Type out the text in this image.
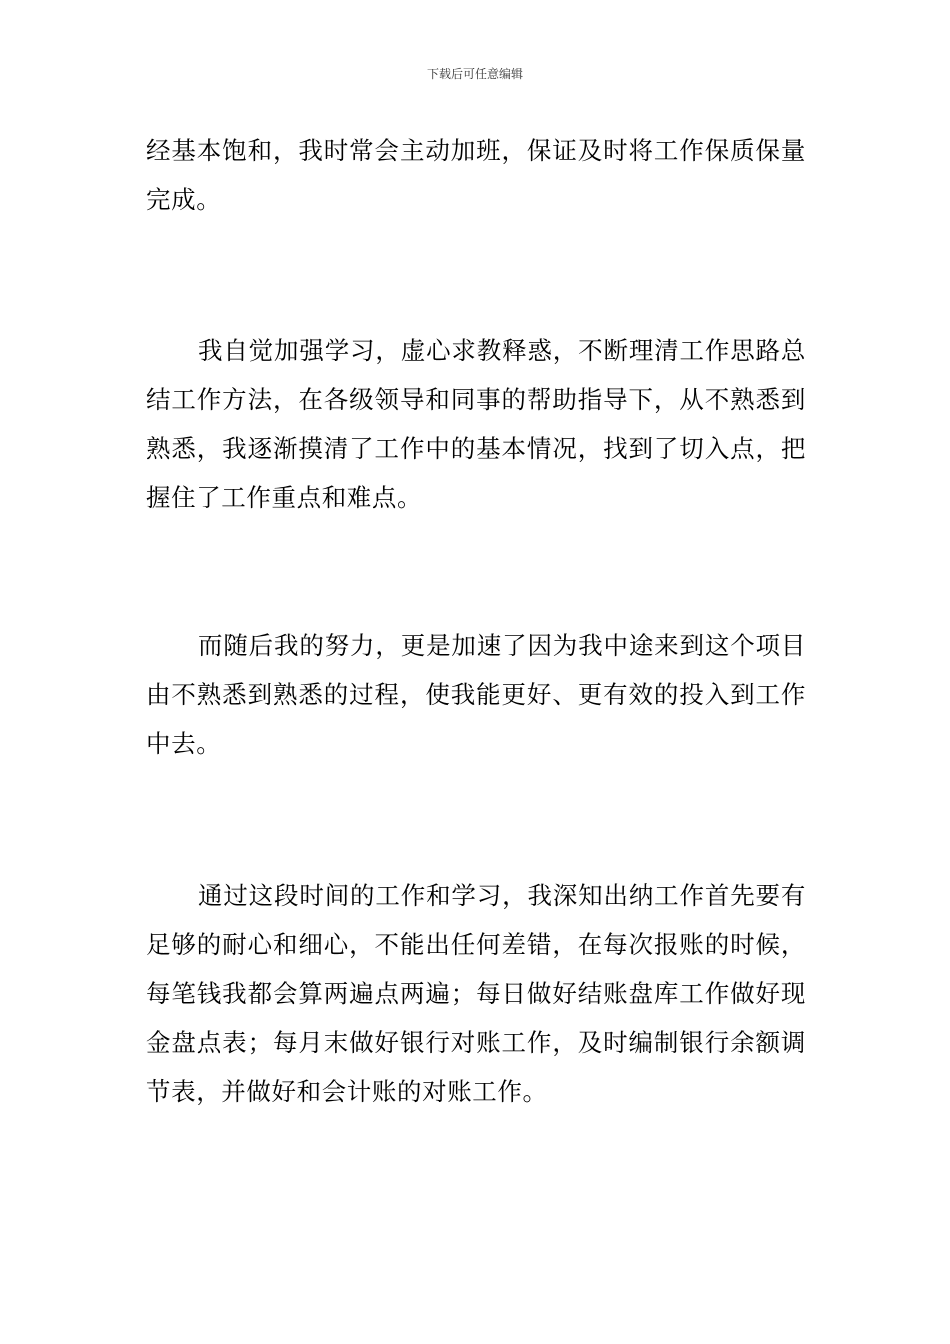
下载后可任意编辑

经基本饱和，我时常会主动加班，保证及时将工作保质保量完成。

我自觉加强学习，虚心求教释惑，不断理清工作思路总结工作方法，在各级领导和同事的帮助指导下，从不熟悉到熟悉，我逐渐摸清了工作中的基本情况，找到了切入点，把握住了工作重点和难点。

而随后我的努力，更是加速了因为我中途来到这个项目由不熟悉到熟悉的过程，使我能更好、更有效的投入到工作中去。

通过这段时间的工作和学习，我深知出纳工作首先要有足够的耐心和细心，不能出任何差错，在每次报账的时候，每笔钱我都会算两遍点两遍；每日做好结账盘库工作做好现金盘点表；每月末做好银行对账工作，及时编制银行余额调节表，并做好和会计账的对账工作。
